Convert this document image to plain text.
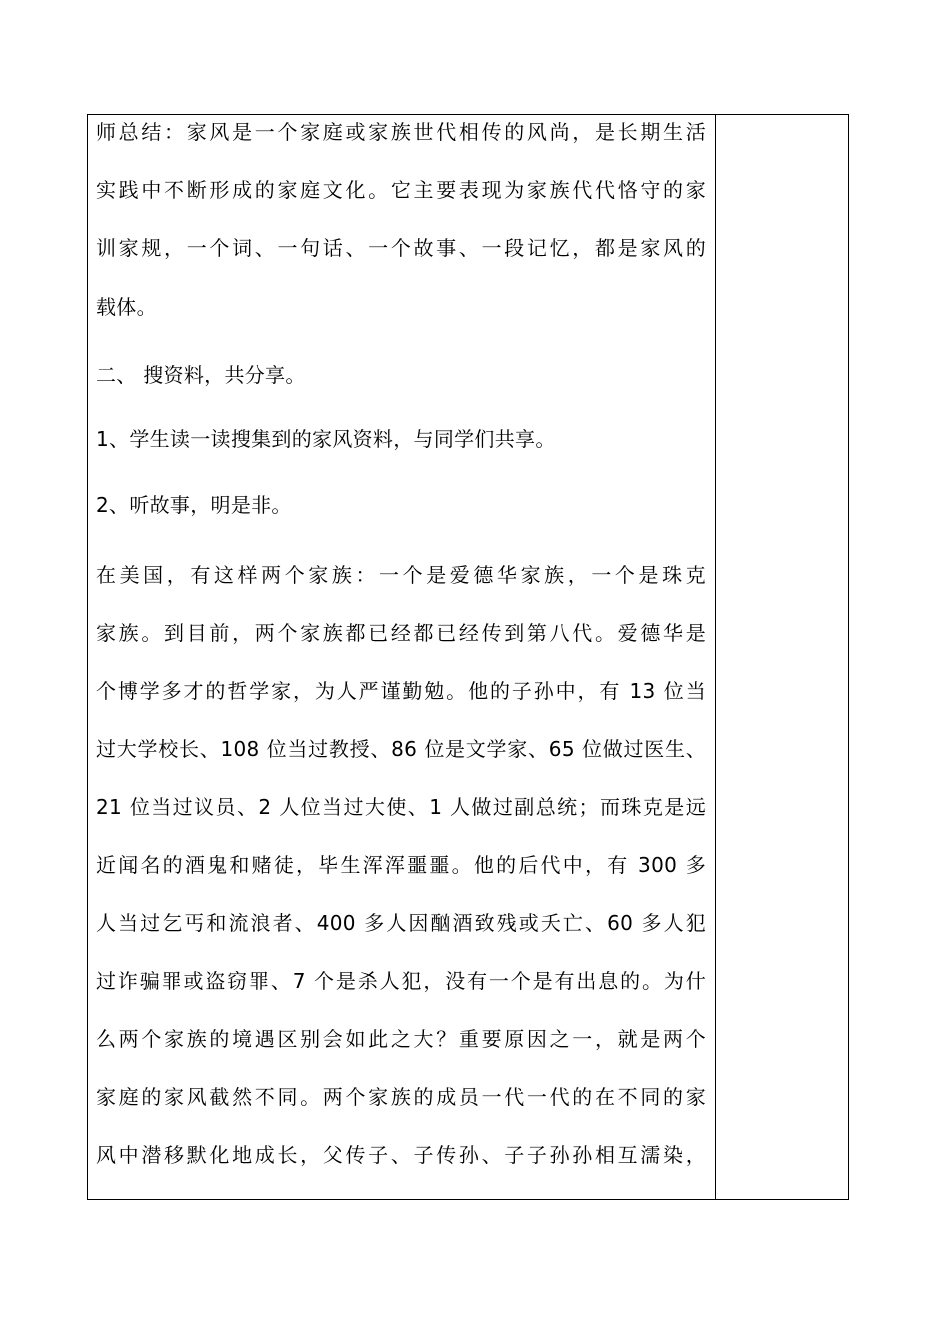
师总结：家风是一个家庭或家族世代相传的风尚，是长期生活
实践中不断形成的家庭文化。它主要表现为家族代代恪守的家
训家规，一个词、一句话、一个故事、一段记忆，都是家风的
载体。
二、 搜资料，共分享。
1、学生读一读搜集到的家风资料，与同学们共享。
2、听故事，明是非。
在美国，有这样两个家族：一个是爱德华家族，一个是珠克
家族。到目前，两个家族都已经都已经传到第八代。爱德华是
个博学多才的哲学家，为人严谨勤勉。他的子孙中，有 13 位当
过大学校长、108 位当过教授、86 位是文学家、65 位做过医生、
21 位当过议员、2 人位当过大使、1 人做过副总统；而珠克是远
近闻名的酒鬼和赌徒，毕生浑浑噩噩。他的后代中，有 300 多
人当过乞丐和流浪者、400 多人因酗酒致残或夭亡、60 多人犯
过诈骗罪或盗窃罪、7 个是杀人犯，没有一个是有出息的。为什
么两个家族的境遇区别会如此之大？重要原因之一，就是两个
家庭的家风截然不同。两个家族的成员一代一代的在不同的家
风中潜移默化地成长，父传子、子传孙、子子孙孙相互濡染，
